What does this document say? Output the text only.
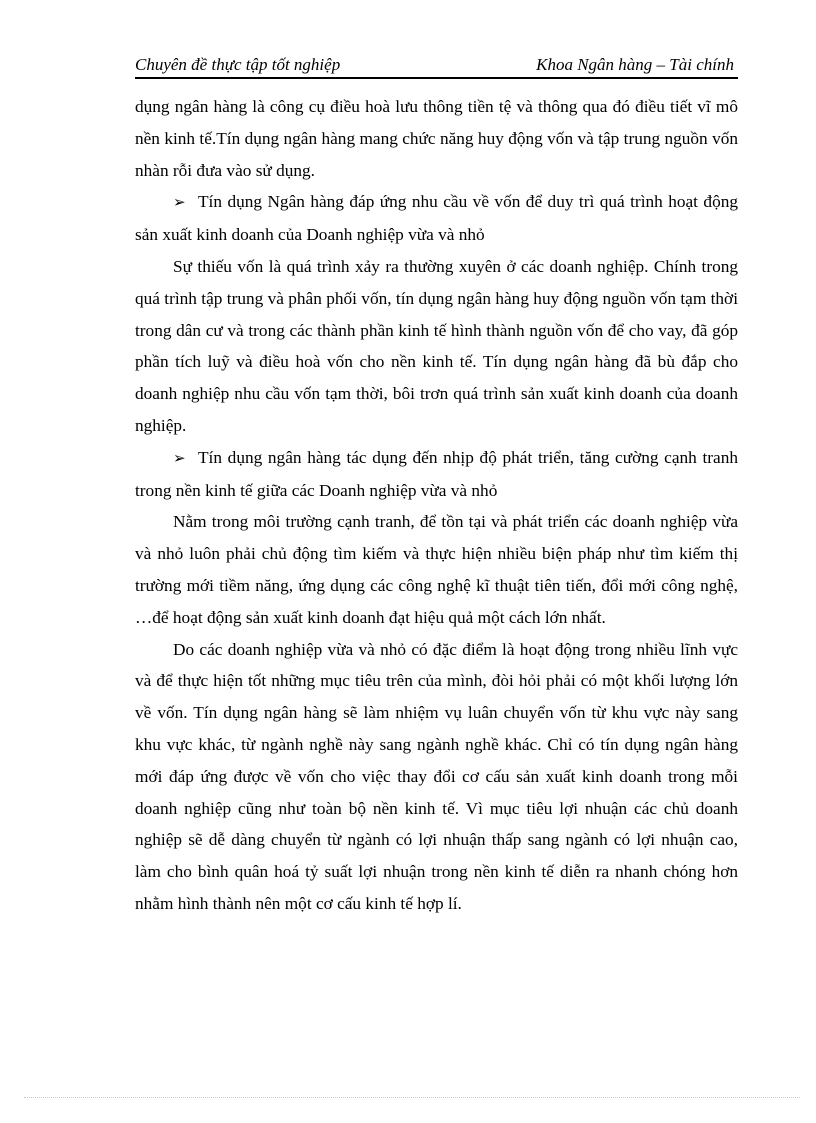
Chuyên đề thực tập tốt nghiệp	Khoa Ngân hàng – Tài chính

dụng ngân hàng là công cụ điều hoà lưu thông tiền tệ và thông qua đó điều tiết vĩ mô nền kinh tế.Tín dụng ngân hàng mang chức năng huy động vốn và tập trung nguồn vốn nhàn rỗi đưa vào sử dụng.

➢ Tín dụng Ngân hàng đáp ứng nhu cầu về vốn để duy trì quá trình hoạt động sản xuất kinh doanh của Doanh nghiệp vừa và nhỏ

Sự thiếu vốn là quá trình xảy ra thường xuyên ở các doanh nghiệp. Chính trong quá trình tập trung và phân phối vốn, tín dụng ngân hàng huy động nguồn vốn tạm thời trong dân cư và trong các thành phần kinh tế hình thành nguồn vốn để cho vay, đã góp phần tích luỹ và điều hoà vốn cho nền kinh tế. Tín dụng ngân hàng đã bù đắp cho doanh nghiệp nhu cầu vốn tạm thời, bôi trơn quá trình sản xuất kinh doanh của doanh nghiệp.

➢ Tín dụng ngân hàng tác dụng đến nhịp độ phát triển, tăng cường cạnh tranh trong nền kinh tế giữa các Doanh nghiệp vừa và nhỏ

Nằm trong môi trường cạnh tranh, để tồn tại và phát triển các doanh nghiệp vừa và nhỏ luôn phải chủ động tìm kiếm và thực hiện nhiều biện pháp như tìm kiếm thị trường mới tiềm năng, ứng dụng các công nghệ kĩ thuật tiên tiến, đổi mới công nghệ, …để hoạt động sản xuất kinh doanh đạt hiệu quả một cách lớn nhất.

Do các doanh nghiệp vừa và nhỏ có đặc điểm là hoạt động trong nhiều lĩnh vực và để thực hiện tốt những mục tiêu trên của mình, đòi hỏi phải có một khối lượng lớn về vốn. Tín dụng ngân hàng sẽ làm nhiệm vụ luân chuyển vốn từ khu vực này sang khu vực khác, từ ngành nghề này sang ngành nghề khác. Chỉ có tín dụng ngân hàng mới đáp ứng được về vốn cho việc thay đổi cơ cấu sản xuất kinh doanh trong mỗi doanh nghiệp cũng như toàn bộ nền kinh tế. Vì mục tiêu lợi nhuận các chủ doanh nghiệp sẽ dễ dàng chuyển từ ngành có lợi nhuận thấp sang ngành có lợi nhuận cao, làm cho bình quân hoá tỷ suất lợi nhuận trong nền kinh tế diễn ra nhanh chóng hơn nhằm hình thành nên một cơ cấu kinh tế hợp lí.
